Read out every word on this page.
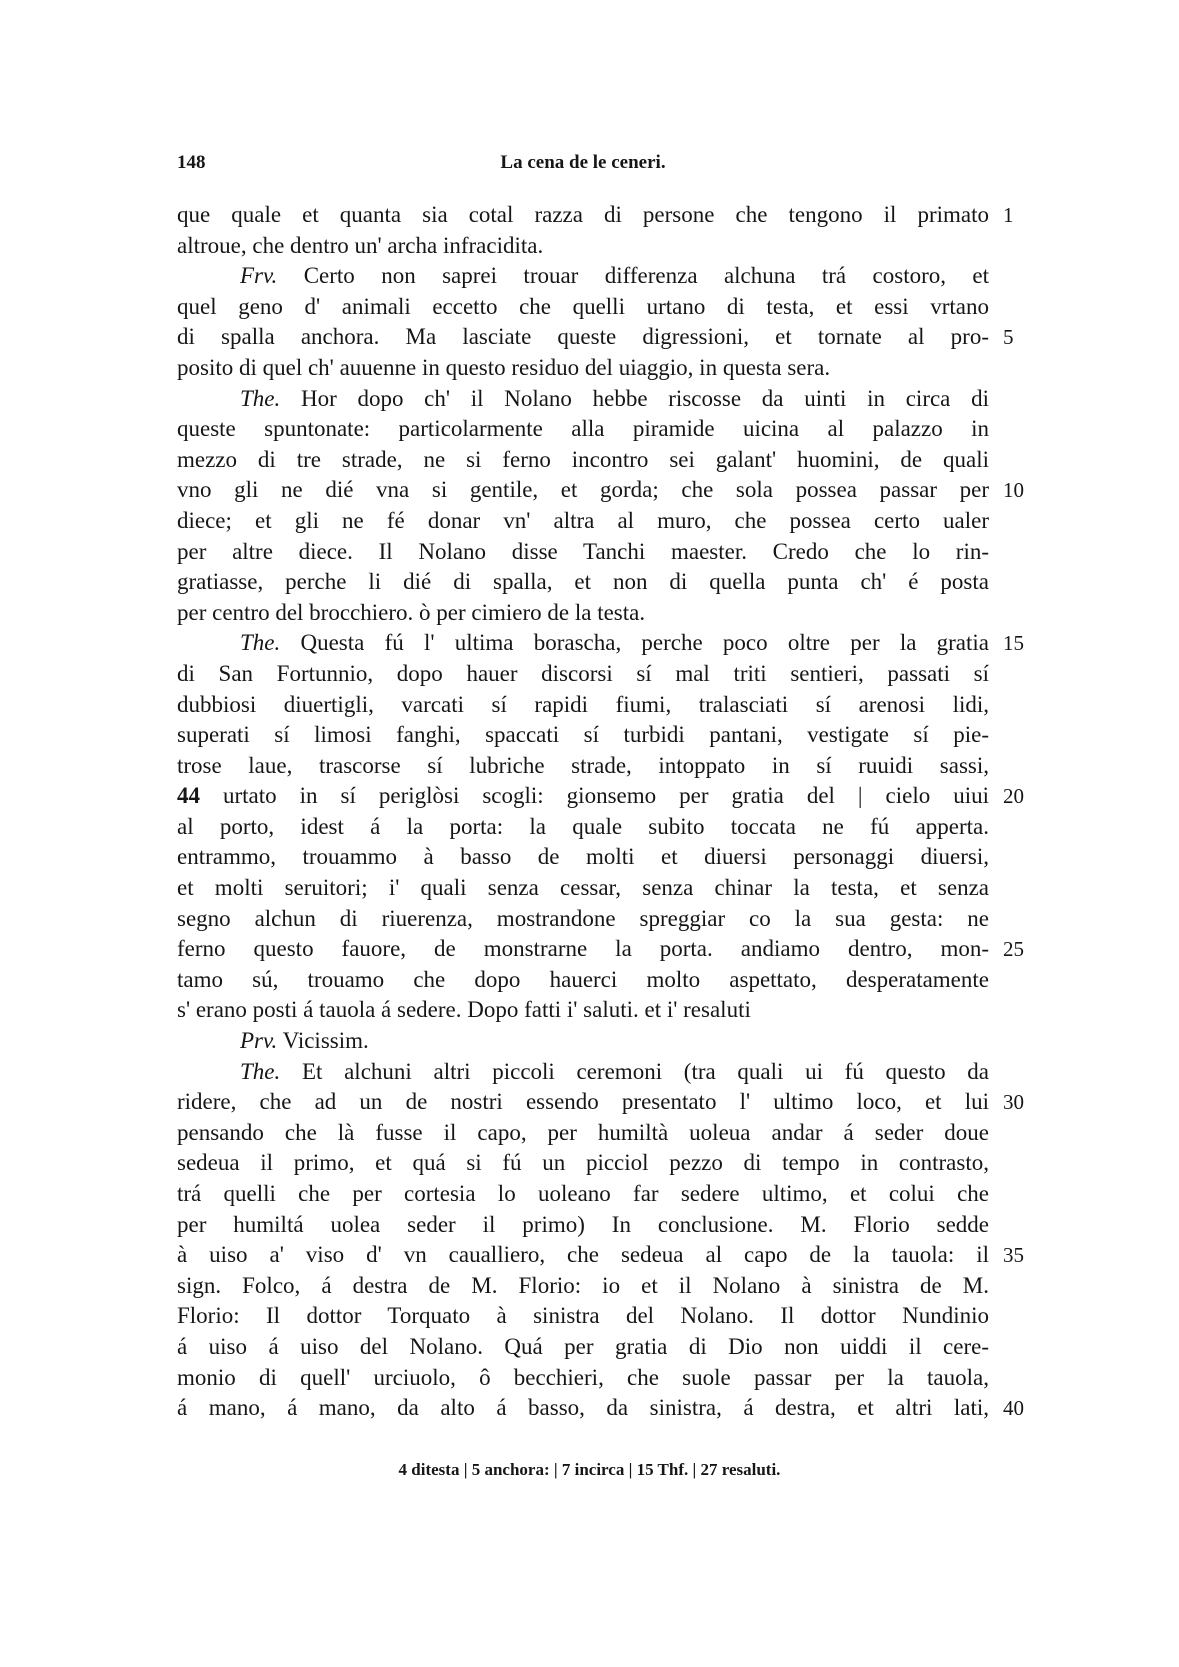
148	La cena de le ceneri.
que quale et quanta sia cotal razza di persone che tengono il primato 1
altroue, che dentro un' archa infracidita.
Frv. Certo non saprei trouar differenza alchuna trá costoro, et
quel geno d' animali eccetto che quelli urtano di testa, et essi vrtano
di spalla anchora. Ma lasciate queste digressioni, et tornate al pro- 5
posito di quel ch' auuenne in questo residuo del uiaggio, in questa sera.
The. Hor dopo ch' il Nolano hebbe riscosse da uinti in circa di
queste spuntonate: particolarmente alla piramide uicina al palazzo in
mezzo di tre strade, ne si ferno incontro sei galant' huomini, de quali
vno gli ne dié vna si gentile, et gorda; che sola possea passar per 10
diece; et gli ne fé donar vn' altra al muro, che possea certo ualer
per altre diece. Il Nolano disse Tanchi maester. Credo che lo rin-
gratiasse, perche li dié di spalla, et non di quella punta ch' é posta
per centro del brocchiero. ò per cimiero de la testa.
The. Questa fú l' ultima borascha, perche poco oltre per la gratia 15
di San Fortunnio, dopo hauer discorsi sí mal triti sentieri, passati sí
dubbiosi diuertigli, varcati sí rapidi fiumi, tralasciati sí arenosi lidi,
superati sí limosi fanghi, spaccati sí turbidi pantani, vestigate sí pie-
trose laue, trascorse sí lubriche strade, intoppato in sí ruuidi sassi,
44 urtato in sí periglòsi scogli: gionsemo per gratia del | cielo uiui 20
al porto, idest á la porta: la quale subito toccata ne fú apperta.
entrammo, trouammo à basso de molti et diuersi personaggi diuersi,
et molti seruitori; i' quali senza cessar, senza chinar la testa, et senza
segno alchun di riuerenza, mostrandone spreggiar co la sua gesta: ne
ferno questo fauore, de monstrarne la porta. andiamo dentro, mon- 25
tamo sú, trouamo che dopo hauerci molto aspettato, desperatamente
s' erano posti á tauola á sedere. Dopo fatti i' saluti. et i' resaluti
Prv. Vicissim.
The. Et alchuni altri piccoli ceremoni (tra quali ui fú questo da
ridere, che ad un de nostri essendo presentato l' ultimo loco, et lui 30
pensando che là fusse il capo, per humiltà uoleua andar á seder doue
sedeua il primo, et quá si fú un picciol pezzo di tempo in contrasto,
trá quelli che per cortesia lo uoleano far sedere ultimo, et colui che
per humiltá uolea seder il primo) In conclusione. M. Florio sedde
à uiso a' viso d' vn caualliero, che sedeua al capo de la tauola: il 35
sign. Folco, á destra de M. Florio: io et il Nolano à sinistra de M.
Florio: Il dottor Torquato à sinistra del Nolano. Il dottor Nundinio
á uiso á uiso del Nolano. Quá per gratia di Dio non uiddi il cere-
monio di quell' urciuolo, ô becchieri, che suole passar per la tauola,
á mano, á mano, da alto á basso, da sinistra, á destra, et altri lati, 40
4 ditesta | 5 anchora: | 7 incirca | 15 Thf. | 27 resaluti.
